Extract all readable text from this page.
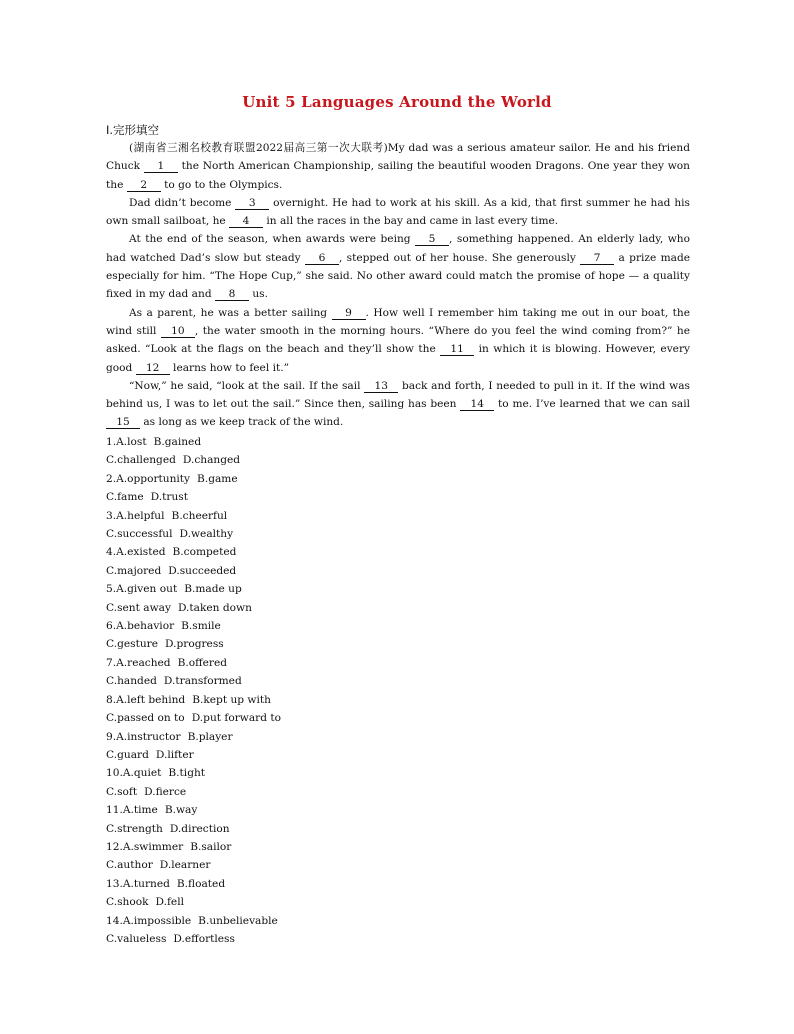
Unit 5 Languages Around the World
Ⅰ.完形填空

(湖南省三湘名校教育联盟2022届高三第一次大联考)My dad was a serious amateur sailor. He and his friend Chuck 1 the North American Championship, sailing the beautiful wooden Dragons. One year they won the 2 to go to the Olympics.

Dad didn’t become 3 overnight. He had to work at his skill. As a kid, that first summer he had his own small sailboat, he 4 in all the races in the bay and came in last every time.

At the end of the season, when awards were being 5 , something happened. An elderly lady, who had watched Dad’s slow but steady 6 , stepped out of her house. She generously 7 a prize made especially for him. “The Hope Cup,” she said. No other award could match the promise of hope — a quality fixed in my dad and 8 us.

As a parent, he was a better sailing 9 . How well I remember him taking me out in our boat, the wind still 10 , the water smooth in the morning hours. “Where do you feel the wind coming from?” he asked. “Look at the flags on the beach and they’ll show the 11 in which it is blowing. However, every good 12 learns how to feel it.”

“Now,” he said, “look at the sail. If the sail 13 back and forth, I needed to pull in it. If the wind was behind us, I was to let out the sail.” Since then, sailing has been 14 to me. I’ve learned that we can sail 15 as long as we keep track of the wind.

1.A.lost B.gained
C.challenged D.changed
2.A.opportunity B.game
C.fame D.trust
3.A.helpful B.cheerful
C.successful D.wealthy
4.A.existed B.competed
C.majored D.succeeded
5.A.given out B.made up
C.sent away D.taken down
6.A.behavior B.smile
C.gesture D.progress
7.A.reached B.offered
C.handed D.transformed
8.A.left behind B.kept up with
C.passed on to D.put forward to
9.A.instructor B.player
C.guard D.lifter
10.A.quiet B.tight
C.soft D.fierce
11.A.time B.way
C.strength D.direction
12.A.swimmer B.sailor
C.author D.learner
13.A.turned B.floated
C.shook D.fell
14.A.impossible B.unbelievable
C.valueless D.effortless
